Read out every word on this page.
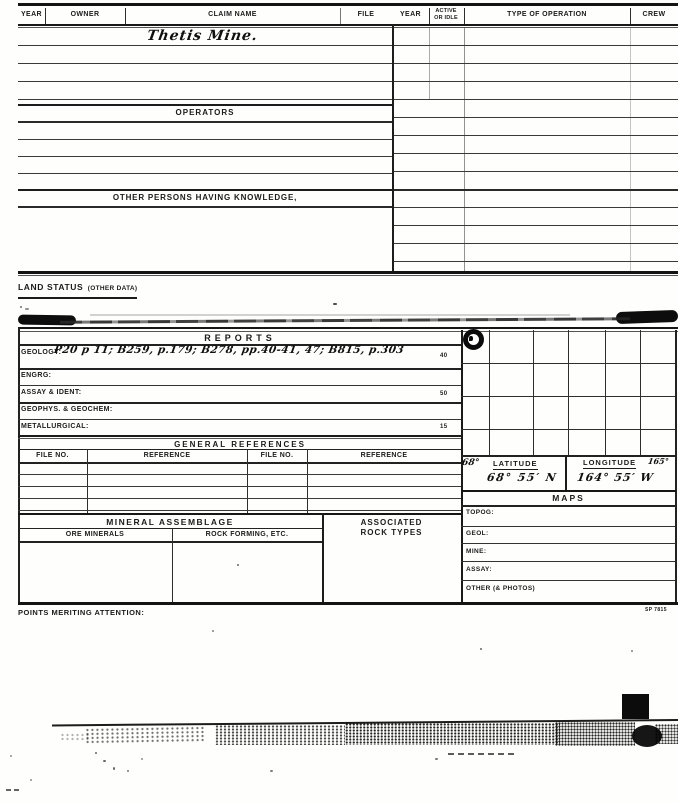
YEAR	OWNER	CLAIM NAME	FILE	YEAR	ACTIVE OR IDLE	TYPE OF OPERATION	CREW
Thetis Mine.
OPERATORS
OTHER PERSONS HAVING KNOWLEDGE,
LAND STATUS (OTHER DATA)
REPORTS
GEOLOGY:
P20 p 11; B259, p.179; B278, pp.40-41, 47; B815, p.303	40
ENGRG:
ASSAY & IDENT:	50
GEOPHYS. & GEOCHEM:
METALLURGICAL:	15
GENERAL REFERENCES
FILE NO.	REFERENCE	FILE NO.	REFERENCE
MINERAL ASSEMBLAGE
ORE MINERALS	ROCK FORMING, ETC.
ASSOCIATED
ROCK TYPES
68° LATITUDE
68° 55′ N
LONGITUDE 165°
164° 55′ W
MAPS
TOPOG:
GEOL:
MINE:
ASSAY:
OTHER (& PHOTOS)
POINTS MERITING ATTENTION:	SP 7815
